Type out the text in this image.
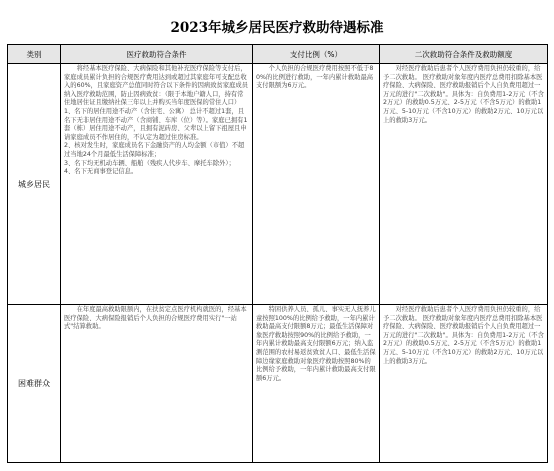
2023年城乡居民医疗救助待遇标准
类别	医疗救助符合条件	支付比例（%）	二次救助符合条件及救助额度
城乡居民	　　将经基本医疗保险、大病保险和其他补充医疗保险等支付后，家庭成员累计负担的合规医疗费用达到或超过其家庭年可支配总收入的60%，且家庭资产总值同时符合以下条件的因病致贫家庭成员纳入医疗救助范围，防止因病致贫：（限于本地户籍人口，持有常住地居住证且缴纳社保三年以上并购买当年度医保的常住人口）1、名下的居住用途不动产（含住宅、公寓） 总计不超过1套，且名下无非居住用途不动产（含商铺、车库（位）等）。家庭已拥有1套（栋）居住用途不动产，且拥有泥砖房、父辈以上留下祖屋且申请家庭成员不作居住的，不认定为超过住房标准。
2、核对发生时，家庭成员名下金融资产的人均金额（市值）不超过当地24个月最低生活保障标准；
3、名下均无机动车辆、船舶（残疾人代步车、摩托车除外）；
4、名下无商事登记信息。	　　个人负担的合规医疗费用按照不低于80%的比例进行救助，一年内累计救助最高支付限额为6万元。	　　对经医疗救助后患者个人医疗费用负担仍较重的，给予二次救助。 医疗救助对象年度内医疗总费用扣除基本医疗保险、大病保险、医疗救助报销后个人自负费用超过一万元的进行"二次救助"。具体为：自负费用1-2万元（不含2万元）的救助0.5万元、2-5万元（不含5万元）的救助1万元、5-10万元（不含10万元）的救助2万元、10万元以上的救助3万元。

困难群众	　　在年度最高救助限额内，在扶贫定点医疗机构就医的，经基本医疗保险、大病保险报销后个人负担的合规医疗费用实行"一站式"结算救助。	　　特困供养人员、孤儿、事实无人抚养儿童按照100%的比例给予救助，一年内累计救助最高支付限额8万元；最低生活保障对象医疗救助按照90%的比例给予救助，一年内累计救助最高支付限额6万元；纳入监测范围的农村易返贫致贫人口、最低生活保障边缘家庭救助对象医疗救助按照80%的比例给予救助，一年内累计救助最高支付限额6万元。	　　对经医疗救助后患者个人医疗费用负担仍较重的，给予二次救助。 医疗救助对象年度内医疗总费用扣除基本医疗保险、大病保险、医疗救助报销后个人自负费用超过一万元的进行"二次救助"。具体为：自负费用1-2万元（不含2万元）的救助0.5万元、2-5万元（不含5万元）的救助1万元、5-10万元（不含10万元）的救助2万元、10万元以上的救助3万元。
